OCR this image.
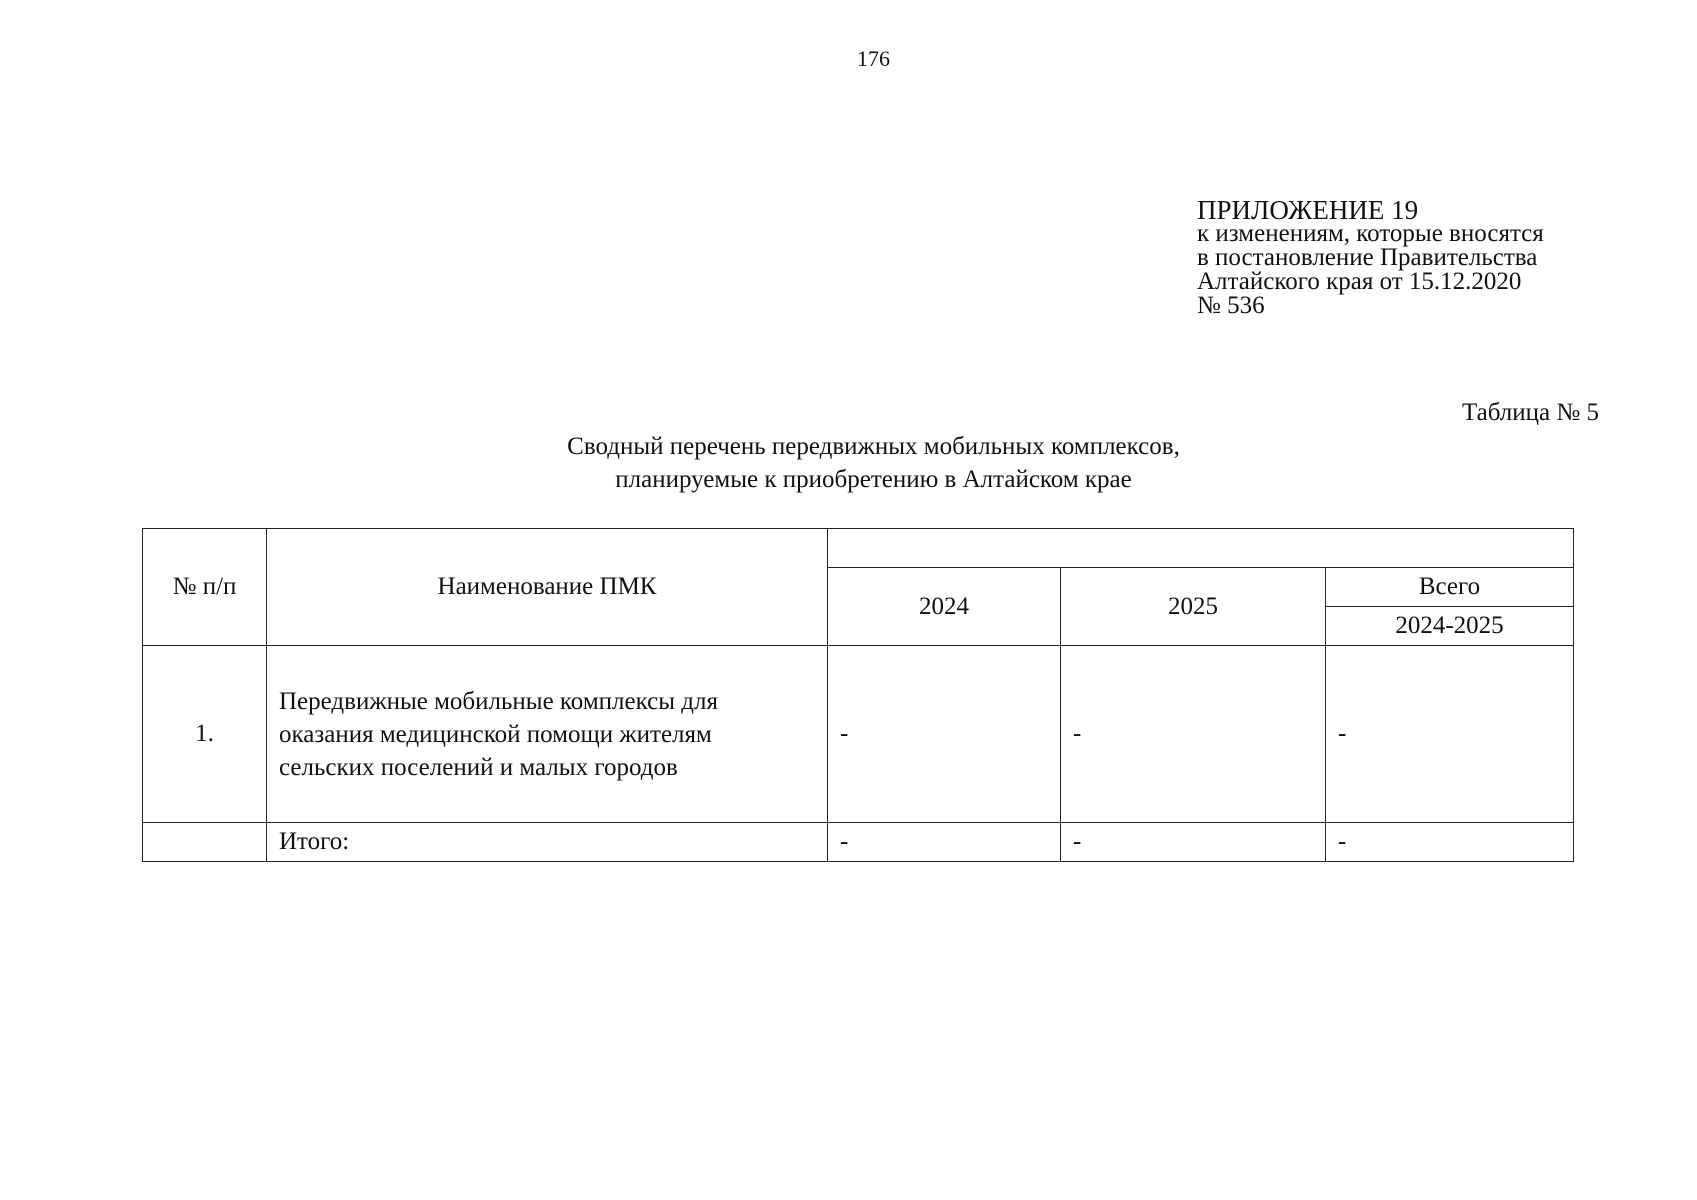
176
ПРИЛОЖЕНИЕ 19
к изменениям, которые вносятся
в постановление Правительства
Алтайского края от 15.12.2020
№ 536
Таблица № 5
Сводный перечень передвижных мобильных комплексов,
планируемые к приобретению в Алтайском крае
№ п/п	Наименование ПМК			
		2024	2025	Всего
				2024-2025
1.	Передвижные мобильные комплексы для
оказания медицинской помощи жителям
сельских поселений и малых городов	-	-	-
	Итого:	-	-	-
